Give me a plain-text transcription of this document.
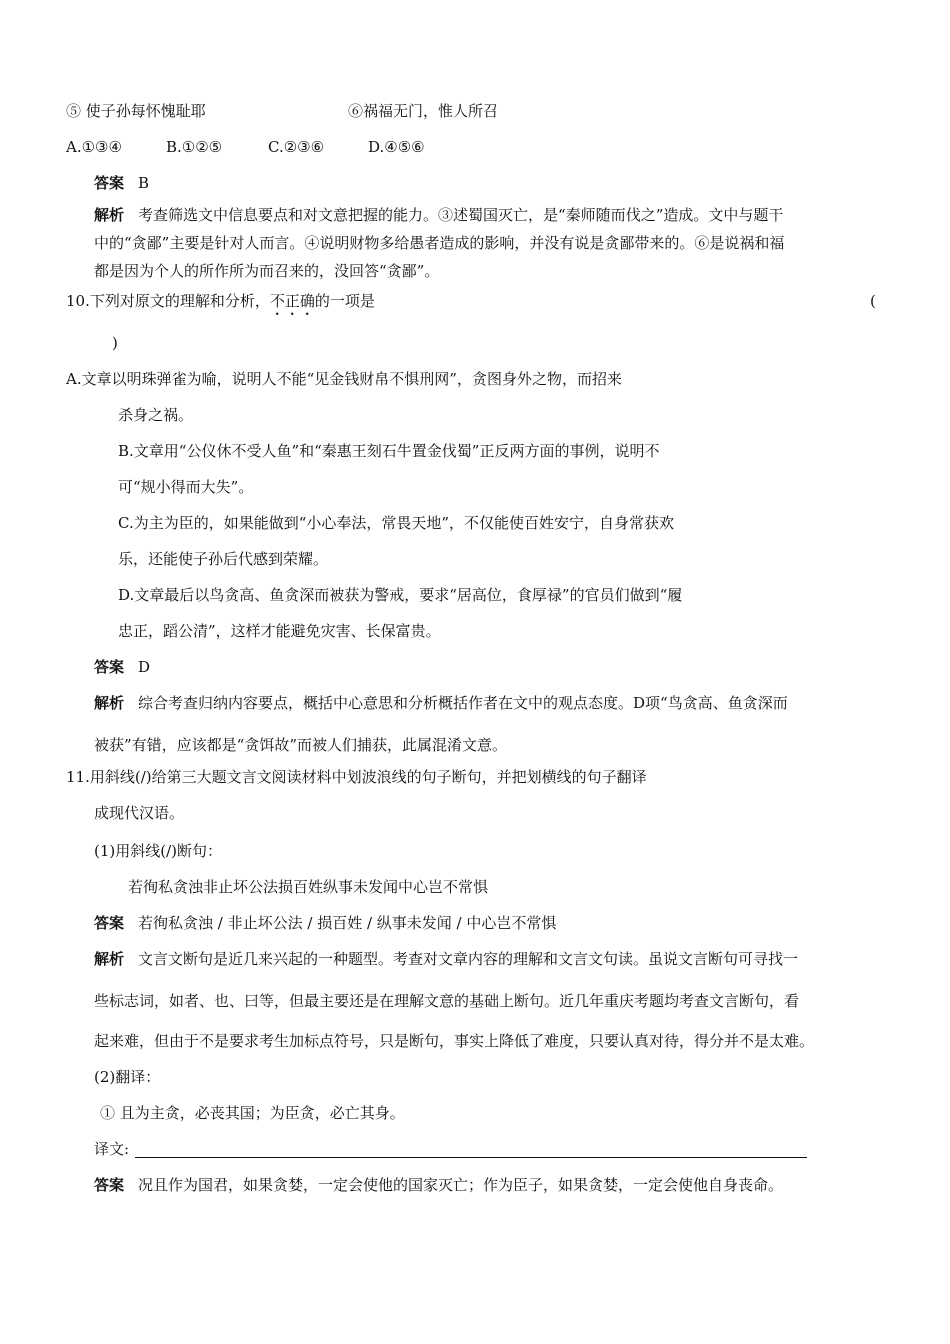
⑤ 使子孙每怀愧耻耶	⑥祸福无门，惟人所召
A.①③④	B.①②⑤	C.②③⑥	D.④⑤⑥
答案 B
解析 考查筛选文中信息要点和对文意把握的能力。③述蜀国灭亡，是“秦师随而伐之”造成。文中与题干
中的“贪鄙”主要是针对人而言。④说明财物多给愚者造成的影响，并没有说是贪鄙带来的。⑥是说祸和福
都是因为个人的所作所为而召来的，没回答“贪鄙”。
10.下列对原文的理解和分析，不正确的一项是	(
)
A.文章以明珠弹雀为喻，说明人不能“见金钱财帛不惧刑网”，贪图身外之物，而招来
杀身之祸。
B.文章用“公仪休不受人鱼”和“秦惠王刻石牛置金伐蜀”正反两方面的事例，说明不
可“规小得而大失”。
C.为主为臣的，如果能做到“小心奉法，常畏天地”，不仅能使百姓安宁，自身常获欢
乐，还能使子孙后代感到荣耀。
D.文章最后以鸟贪高、鱼贪深而被获为警戒，要求“居高位，食厚禄”的官员们做到“履
忠正，蹈公清”，这样才能避免灾害、长保富贵。
答案 D
解析 综合考查归纳内容要点，概括中心意思和分析概括作者在文中的观点态度。D项“鸟贪高、鱼贪深而
被获”有错，应该都是“贪饵故”而被人们捕获，此属混淆文意。
11.用斜线(/)给第三大题文言文阅读材料中划波浪线的句子断句，并把划横线的句子翻译
成现代汉语。
(1)用斜线(/)断句：
若徇私贪浊非止坏公法损百姓纵事未发闻中心岂不常惧
答案 若徇私贪浊 / 非止坏公法 / 损百姓 / 纵事未发闻 / 中心岂不常惧
解析 文言文断句是近几来兴起的一种题型。考查对文章内容的理解和文言文句读。虽说文言断句可寻找一
些标志词，如者、也、曰等，但最主要还是在理解文意的基础上断句。近几年重庆考题均考查文言断句，看
起来难，但由于不是要求考生加标点符号，只是断句，事实上降低了难度，只要认真对待，得分并不是太难。
(2)翻译：
① 且为主贪，必丧其国；为臣贪，必亡其身。
译文:
答案 况且作为国君，如果贪婪，一定会使他的国家灭亡；作为臣子，如果贪婪，一定会使他自身丧命。
